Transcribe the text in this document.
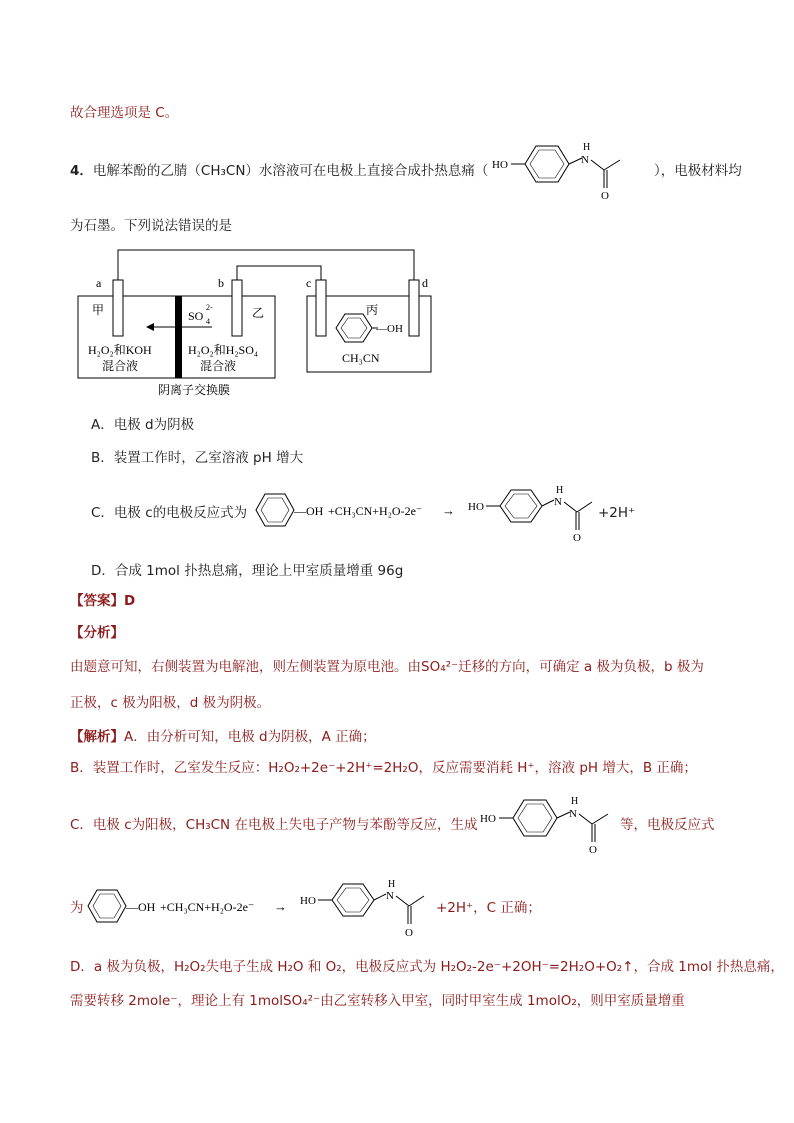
故合理选项是 C。
4．电解苯酚的乙腈（CH₃CN）水溶液可在电极上直接合成扑热息痛（ HO
H
N
O
），电极材料均
为石墨。下列说法错误的是
a	b	c	d
甲	乙	丙
SO
2-
4
H₂O₂和KOH
混合液
H₂O₂和H₂SO₄
混合液
—OH
CH₃CN
阴离子交换膜
A．电极 d为阴极
B．装置工作时，乙室溶液 pH 增大
C．电极 c的电极反应式为	—OH +CH₃CN+H₂O-2e⁻ → HO
H
N
O
+2H⁺
D．合成 1mol 扑热息痛，理论上甲室质量增重 96g
【答案】D
【分析】
由题意可知，右侧装置为电解池，则左侧装置为原电池。由SO₄²⁻迁移的方向，可确定 a 极为负极，b 极为
正极，c 极为阳极，d 极为阴极。
【解析】A．由分析可知，电极 d为阴极，A 正确；
B．装置工作时，乙室发生反应：H₂O₂+2e⁻+2H⁺=2H₂O，反应需要消耗 H⁺，溶液 pH 增大，B 正确；
C．电极 c为阳极，CH₃CN 在电极上失电子产物与苯酚等反应，生成 HO
H
N
O
等，电极反应式
为	—OH +CH₃CN+H₂O-2e⁻ → HO
H
N
O
+2H⁺，C 正确；
D．a 极为负极，H₂O₂失电子生成 H₂O 和 O₂，电极反应式为 H₂O₂-2e⁻+2OH⁻=2H₂O+O₂↑，合成 1mol 扑热息痛，
需要转移 2mole⁻，理论上有 1molSO₄²⁻由乙室转移入甲室，同时甲室生成 1molO₂，则甲室质量增重
